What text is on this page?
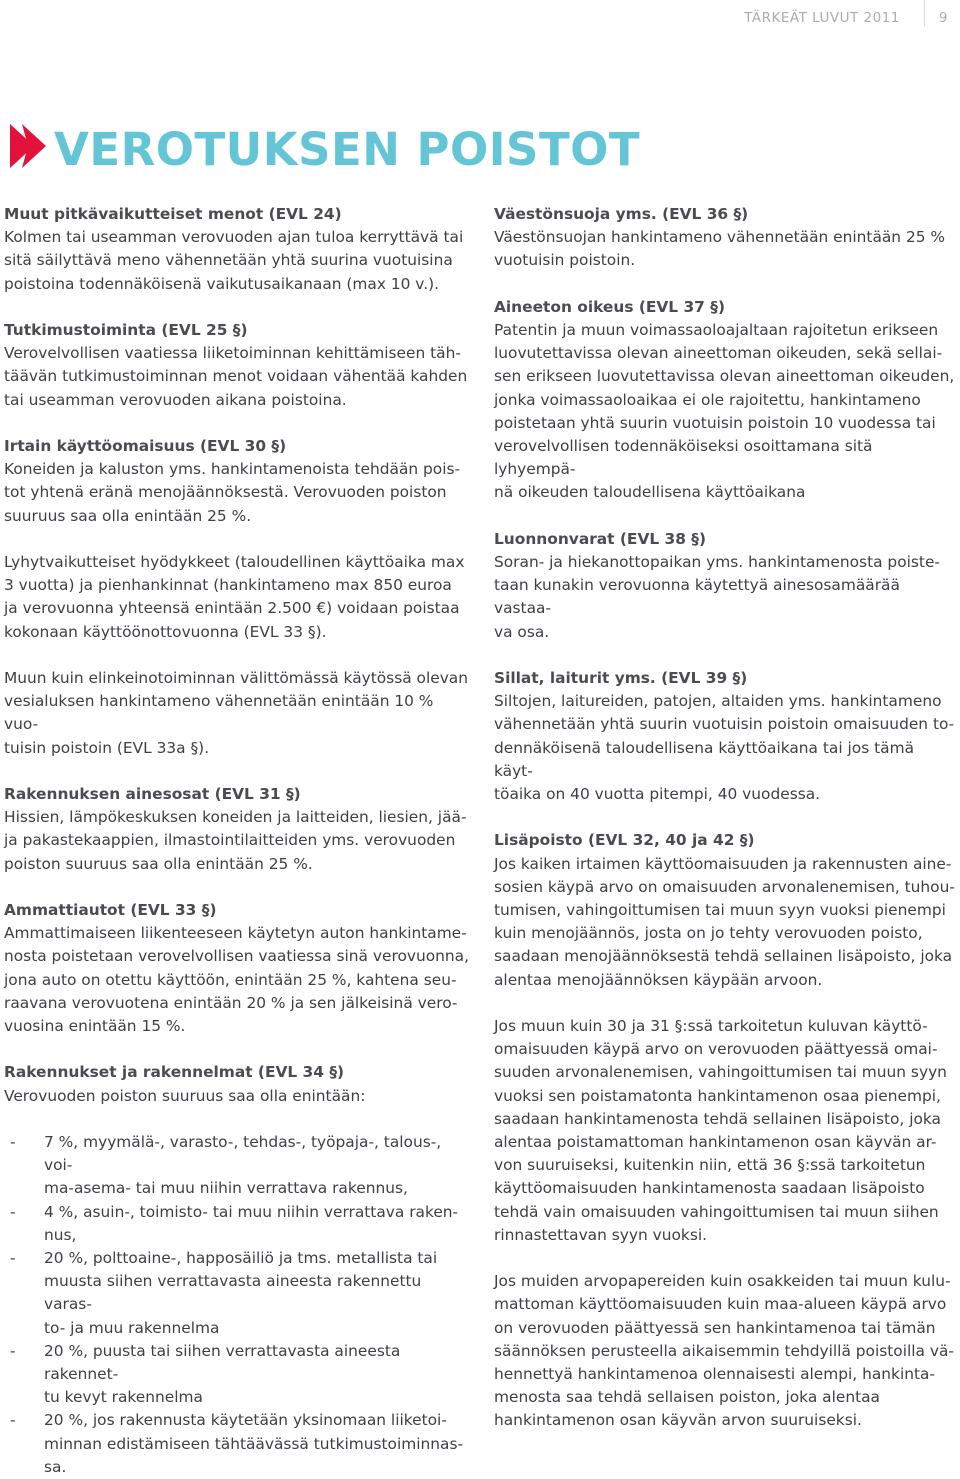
TÄRKEÄT LUVUT 2011	9
VEROTUKSEN POISTOT
Muut pitkävaikutteiset menot (EVL 24)
Kolmen tai useamman verovuoden ajan tuloa kerryttävä tai
sitä säilyttävä meno vähennetään yhtä suurina vuotuisina
poistoina todennäköisenä vaikutusaikanaan (max 10 v.).
Tutkimustoiminta (EVL 25 §)
Verovelvollisen vaatiessa liiketoiminnan kehittämiseen täh-
täävän tutkimustoiminnan menot voidaan vähentää kahden
tai useamman verovuoden aikana poistoina.
Irtain käyttöomaisuus (EVL 30 §)
Koneiden ja kaluston yms. hankintamenoista tehdään pois-
tot yhtenä eränä menojäännöksestä. Verovuoden poiston
suuruus saa olla enintään 25 %.
Lyhytvaikutteiset hyödykkeet (taloudellinen käyttöaika max
3 vuotta) ja pienhankinnat (hankintameno max 850 euroa
ja verovuonna yhteensä enintään 2.500 €) voidaan poistaa
kokonaan käyttöönottovuonna (EVL 33 §).
Muun kuin elinkeinotoiminnan välittömässä käytössä olevan
vesialuksen hankintameno vähennetään enintään 10 % vuo-
tuisin poistoin (EVL 33a §).
Rakennuksen ainesosat (EVL 31 §)
Hissien, lämpökeskuksen koneiden ja laitteiden, liesien, jää-
ja pakastekaappien, ilmastointilaitteiden yms. verovuoden
poiston suuruus saa olla enintään 25 %.
Ammattiautot (EVL 33 §)
Ammattimaiseen liikenteeseen käytetyn auton hankintame-
nosta poistetaan verovelvollisen vaatiessa sinä verovuonna,
jona auto on otettu käyttöön, enintään 25 %, kahtena seu-
raavana verovuotena enintään 20 % ja sen jälkeisinä vero-
vuosina enintään 15 %.
Rakennukset ja rakennelmat (EVL 34 §)
Verovuoden poiston suuruus saa olla enintään:
- 7 %, myymälä-, varasto-, tehdas-, työpaja-, talous-, voi-
ma-asema- tai muu niihin verrattava rakennus,
- 4 %, asuin-, toimisto- tai muu niihin verrattava raken-
nus,
- 20 %, polttoaine-, happosäiliö ja tms. metallista tai
muusta siihen verrattavasta aineesta rakennettu varas-
to- ja muu rakennelma
- 20 %, puusta tai siihen verrattavasta aineesta rakennet-
tu kevyt rakennelma
- 20 %, jos rakennusta käytetään yksinomaan liiketoi-
minnan edistämiseen tähtäävässä tutkimustoiminnas-
sa.
Väestönsuoja yms. (EVL 36 §)
Väestönsuojan hankintameno vähennetään enintään 25 %
vuotuisin poistoin.
Aineeton oikeus (EVL 37 §)
Patentin ja muun voimassaoloajaltaan rajoitetun erikseen
luovutettavissa olevan aineettoman oikeuden, sekä sellai-
sen erikseen luovutettavissa olevan aineettoman oikeuden,
jonka voimassaoloaikaa ei ole rajoitettu, hankintameno
poistetaan yhtä suurin vuotuisin poistoin 10 vuodessa tai
verovelvollisen todennäköiseksi osoittamana sitä lyhyempä-
nä oikeuden taloudellisena käyttöaikana
Luonnonvarat (EVL 38 §)
Soran- ja hiekanottopaikan yms. hankintamenosta poiste-
taan kunakin verovuonna käytettyä ainesosamäärää vastaa-
va osa.
Sillat, laiturit yms. (EVL 39 §)
Siltojen, laitureiden, patojen, altaiden yms. hankintameno
vähennetään yhtä suurin vuotuisin poistoin omaisuuden to-
dennäköisenä taloudellisena käyttöaikana tai jos tämä käyt-
töaika on 40 vuotta pitempi, 40 vuodessa.
Lisäpoisto (EVL 32, 40 ja 42 §)
Jos kaiken irtaimen käyttöomaisuuden ja rakennusten aine-
sosien käypä arvo on omaisuuden arvonalenemisen, tuhou-
tumisen, vahingoittumisen tai muun syyn vuoksi pienempi
kuin menojäännös, josta on jo tehty verovuoden poisto,
saadaan menojäännöksestä tehdä sellainen lisäpoisto, joka
alentaa menojäännöksen käypään arvoon.
Jos muun kuin 30 ja 31 §:ssä tarkoitetun kuluvan käyttö-
omaisuuden käypä arvo on verovuoden päättyessä omai-
suuden arvonalenemisen, vahingoittumisen tai muun syyn
vuoksi sen poistamatonta hankintamenon osaa pienempi,
saadaan hankintamenosta tehdä sellainen lisäpoisto, joka
alentaa poistamattoman hankintamenon osan käyvän ar-
von suuruiseksi, kuitenkin niin, että 36 §:ssä tarkoitetun
käyttöomaisuuden hankintamenosta saadaan lisäpoisto
tehdä vain omaisuuden vahingoittumisen tai muun siihen
rinnastettavan syyn vuoksi.
Jos muiden arvopapereiden kuin osakkeiden tai muun kulu-
mattoman käyttöomaisuuden kuin maa-alueen käypä arvo
on verovuoden päättyessä sen hankintamenoa tai tämän
säännöksen perusteella aikaisemmin tehdyillä poistoilla vä-
hennettyä hankintamenoa olennaisesti alempi, hankinta-
menosta saa tehdä sellaisen poiston, joka alentaa
hankintamenon osan käyvän arvon suuruiseksi.
